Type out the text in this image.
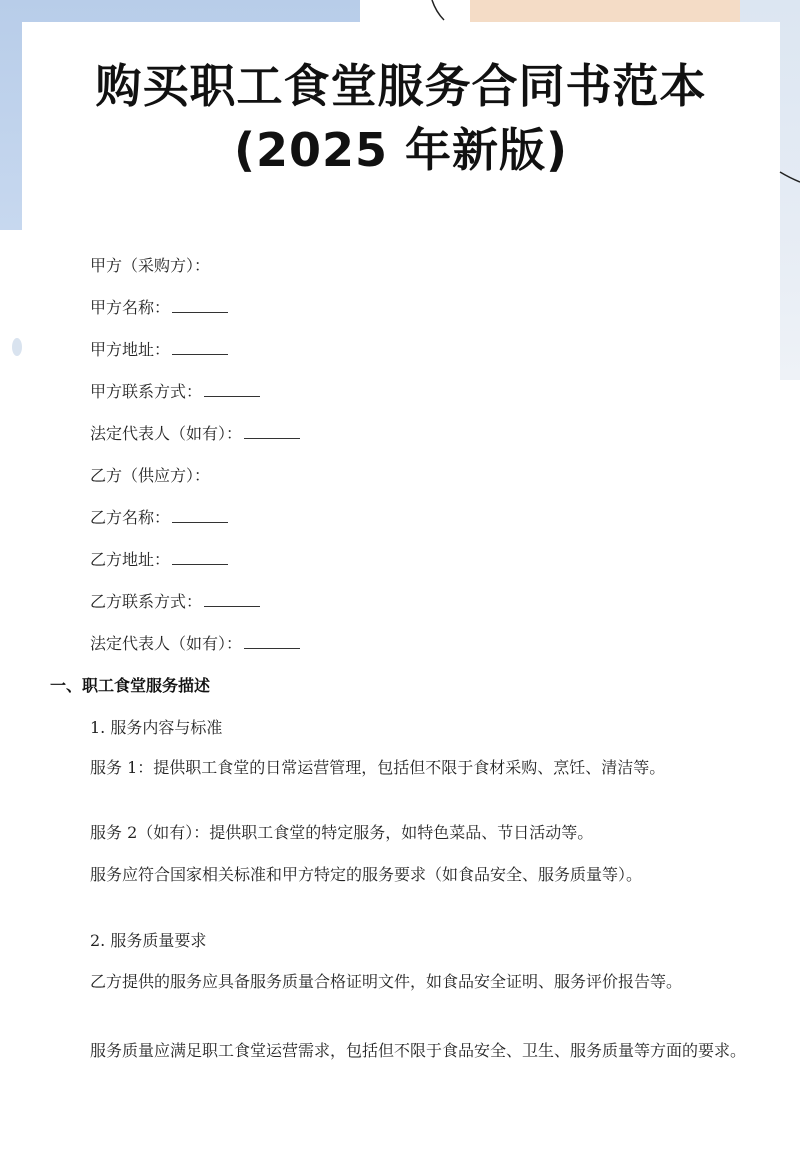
购买职工食堂服务合同书范本
(2025 年新版)
甲方（采购方）：
甲方名称：
甲方地址：
甲方联系方式：
法定代表人（如有）：
乙方（供应方）：
乙方名称：
乙方地址：
乙方联系方式：
法定代表人（如有）：
一、职工食堂服务描述
1. 服务内容与标准

服务 1：提供职工食堂的日常运营管理，包括但不限于食材采购、烹饪、清洁等。

服务 2（如有）：提供职工食堂的特定服务，如特色菜品、节日活动等。

服务应符合国家相关标准和甲方特定的服务要求（如食品安全、服务质量等）。

2. 服务质量要求

乙方提供的服务应具备服务质量合格证明文件，如食品安全证明、服务评价报告等。

服务质量应满足职工食堂运营需求，包括但不限于食品安全、卫生、服务质量等方面的要求。
